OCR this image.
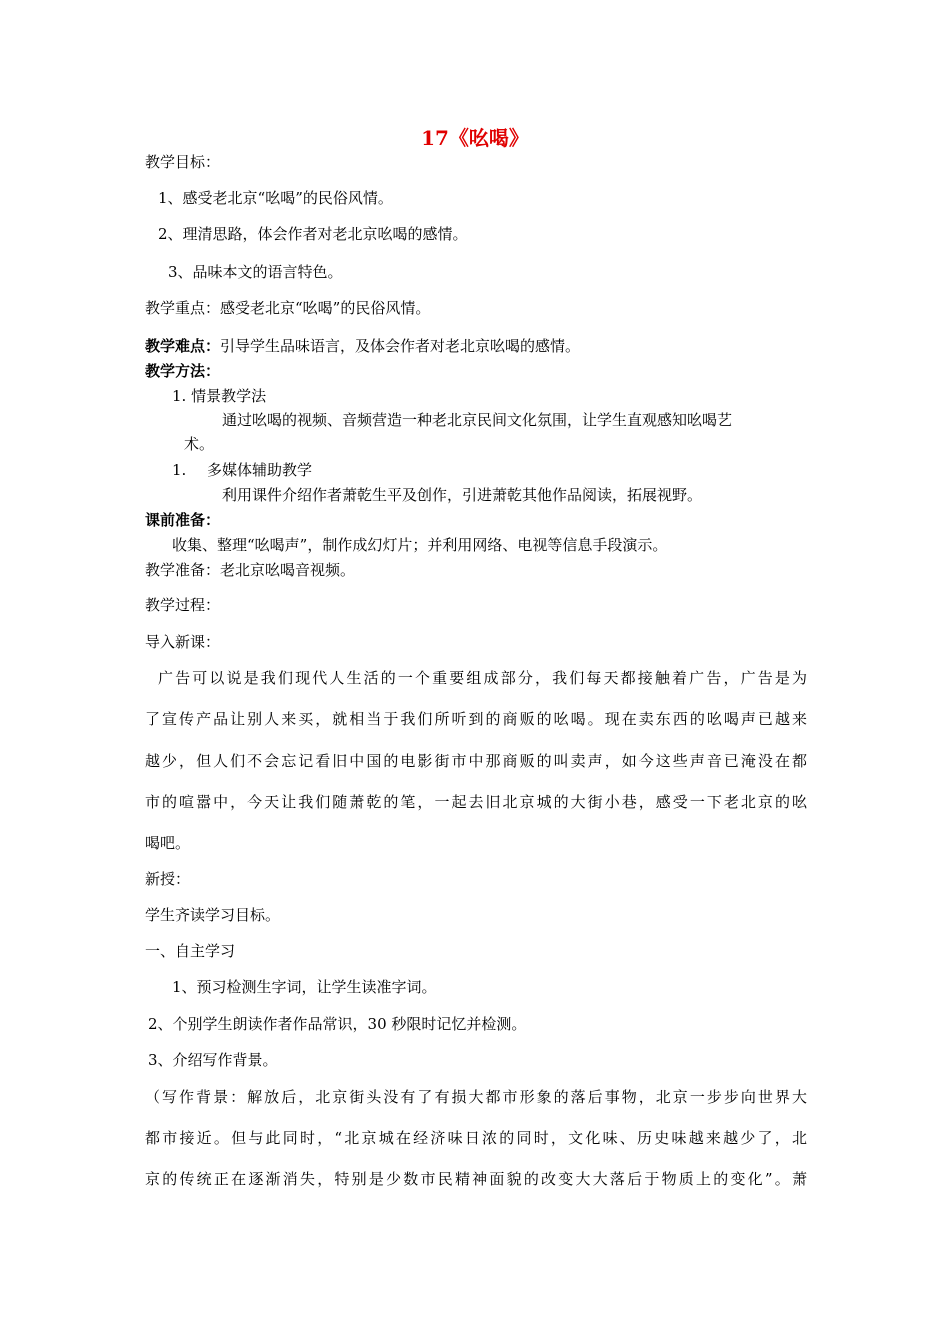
17《吆喝》
教学目标：
1、感受老北京“吆喝”的民俗风情。
2、理清思路，体会作者对老北京吆喝的感情。
3、品味本文的语言特色。
教学重点：感受老北京“吆喝”的民俗风情。
教学难点：引导学生品味语言，及体会作者对老北京吆喝的感情。
教学方法：
1. 情景教学法
通过吆喝的视频、音频营造一种老北京民间文化氛围，让学生直观感知吆喝艺
术。
1. 多媒体辅助教学
利用课件介绍作者萧乾生平及创作，引进萧乾其他作品阅读，拓展视野。
课前准备：
收集、整理“吆喝声”，制作成幻灯片；并利用网络、电视等信息手段演示。
教学准备：老北京吆喝音视频。
教学过程：
导入新课：
广告可以说是我们现代人生活的一个重要组成部分，我们每天都接触着广告，广告是为
了宣传产品让别人来买，就相当于我们所听到的商贩的吆喝。现在卖东西的吆喝声已越来
越少，但人们不会忘记看旧中国的电影街市中那商贩的叫卖声，如今这些声音已淹没在都
市的喧嚣中，今天让我们随萧乾的笔，一起去旧北京城的大街小巷，感受一下老北京的吆
喝吧。
新授：
学生齐读学习目标。
一、自主学习
1、预习检测生字词，让学生读准字词。
2、个别学生朗读作者作品常识，30 秒限时记忆并检测。
3、介绍写作背景。
（写作背景：解放后，北京街头没有了有损大都市形象的落后事物，北京一步步向世界大
都市接近。但与此同时，“北京城在经济味日浓的同时，文化味、历史味越来越少了，北
京的传统正在逐渐消失，特别是少数市民精神面貌的改变大大落后于物质上的变化”。萧
